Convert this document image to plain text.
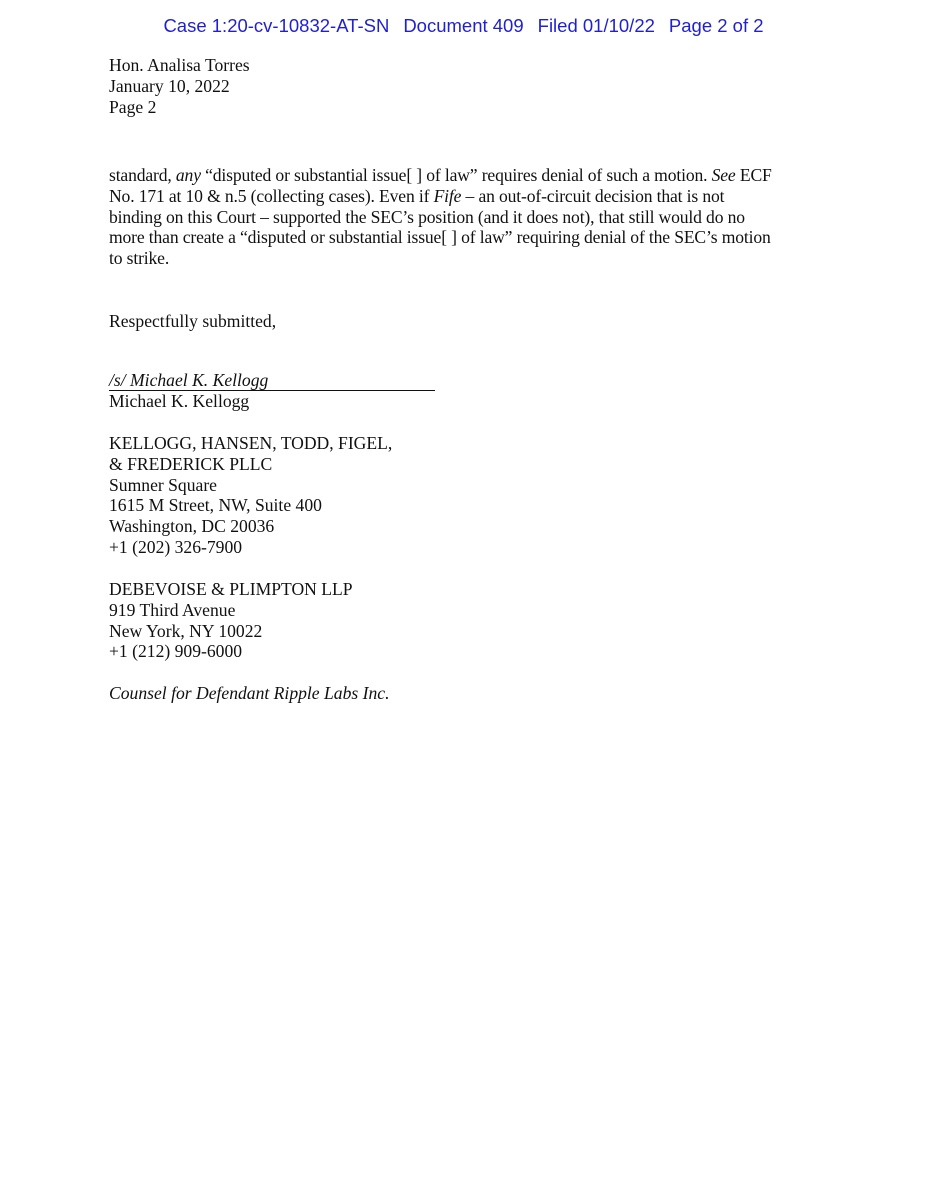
Case 1:20-cv-10832-AT-SN Document 409 Filed 01/10/22 Page 2 of 2
Hon. Analisa Torres
January 10, 2022
Page 2
standard, any “disputed or substantial issue[ ] of law” requires denial of such a motion. See ECF
No. 171 at 10 & n.5 (collecting cases). Even if Fife – an out-of-circuit decision that is not
binding on this Court – supported the SEC’s position (and it does not), that still would do no
more than create a “disputed or substantial issue[ ] of law” requiring denial of the SEC’s motion
to strike.
Respectfully submitted,
/s/ Michael K. Kellogg
Michael K. Kellogg
KELLOGG, HANSEN, TODD, FIGEL,
& FREDERICK PLLC
Sumner Square
1615 M Street, NW, Suite 400
Washington, DC 20036
+1 (202) 326-7900
DEBEVOISE & PLIMPTON LLP
919 Third Avenue
New York, NY 10022
+1 (212) 909-6000
Counsel for Defendant Ripple Labs Inc.
